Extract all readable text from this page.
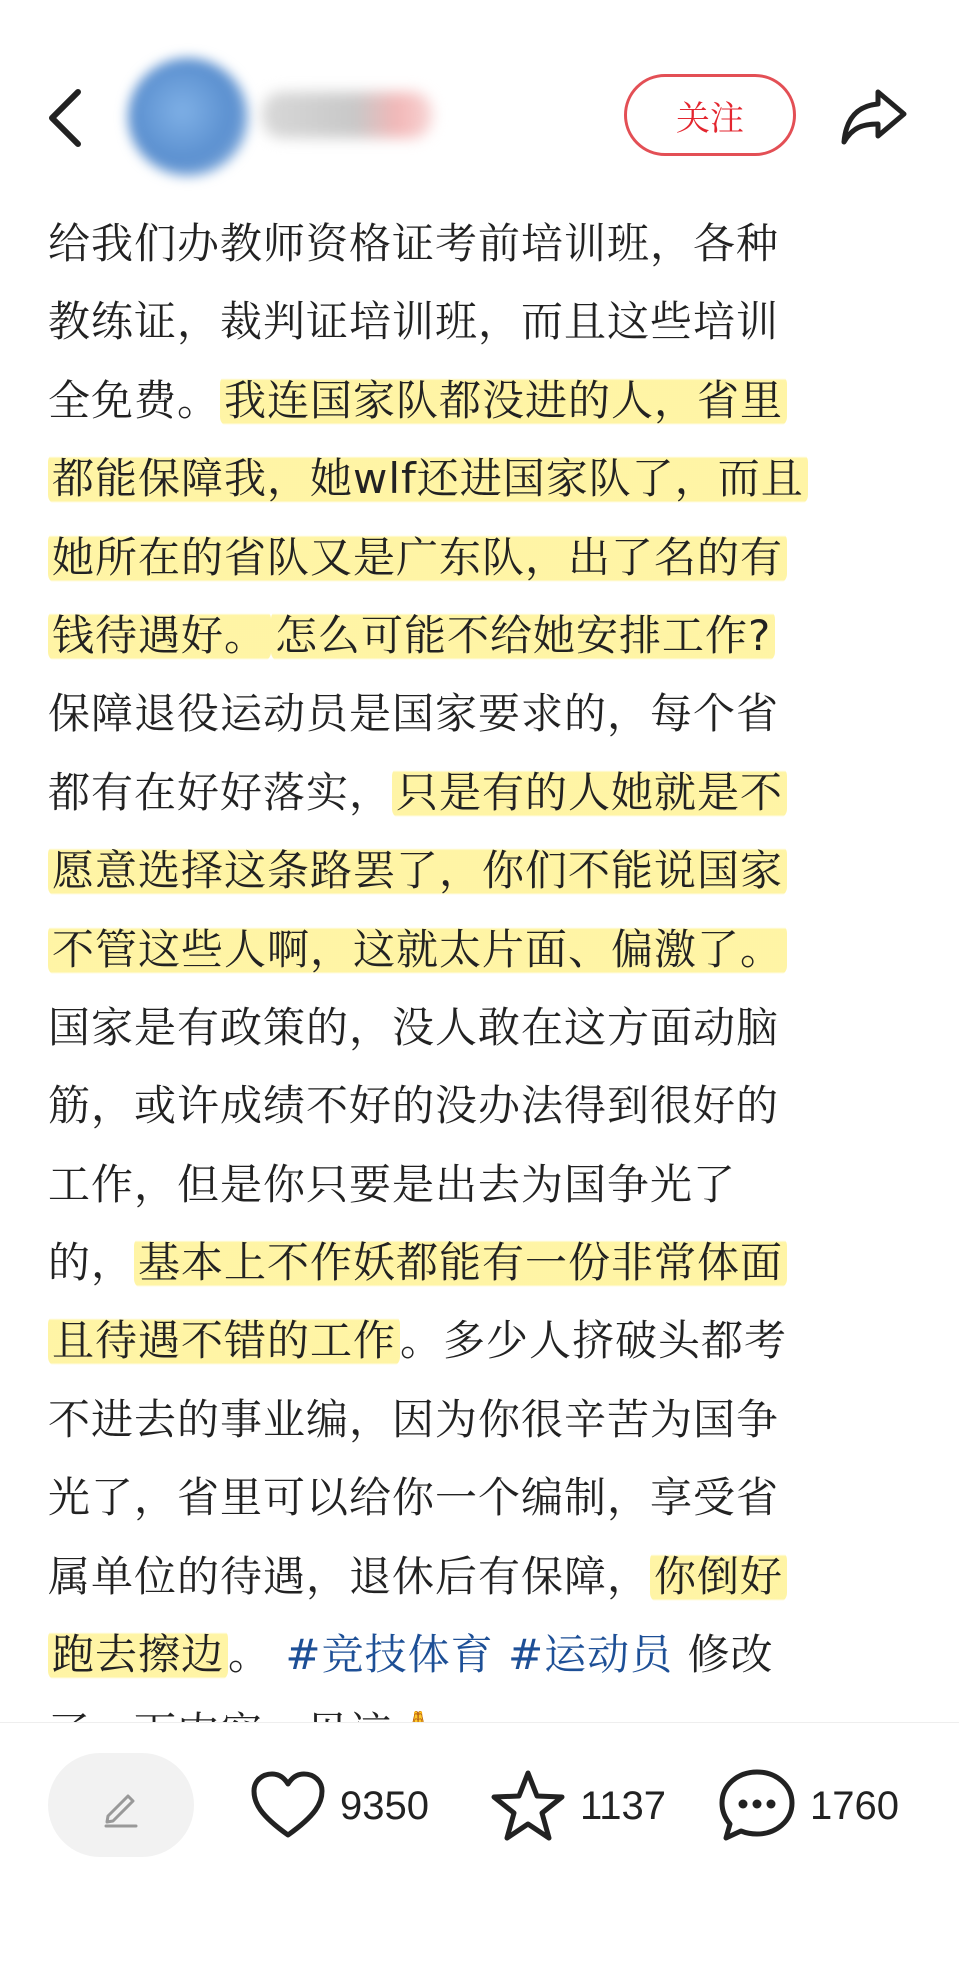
关注
给我们办教师资格证考前培训班，各种
教练证，裁判证培训班，而且这些培训
全免费。我连国家队都没进的人，省里
都能保障我，她wlf还进国家队了，而且
她所在的省队又是广东队，出了名的有
钱待遇好。 怎么可能不给她安排工作?
保障退役运动员是国家要求的，每个省
都有在好好落实，只是有的人她就是不
愿意选择这条路罢了，你们不能说国家
不管这些人啊，这就太片面、偏激了。
国家是有政策的，没人敢在这方面动脑
筋，或许成绩不好的没办法得到很好的
工作，但是你只要是出去为国争光了
的，基本上不作妖都能有一份非常体面
且待遇不错的工作。多少人挤破头都考
不进去的事业编，因为你很辛苦为国争
光了，省里可以给你一个编制，享受省
属单位的待遇，退休后有保障，你倒好
跑去擦边。 #竞技体育 #运动员 修改
9350	1137	1760
